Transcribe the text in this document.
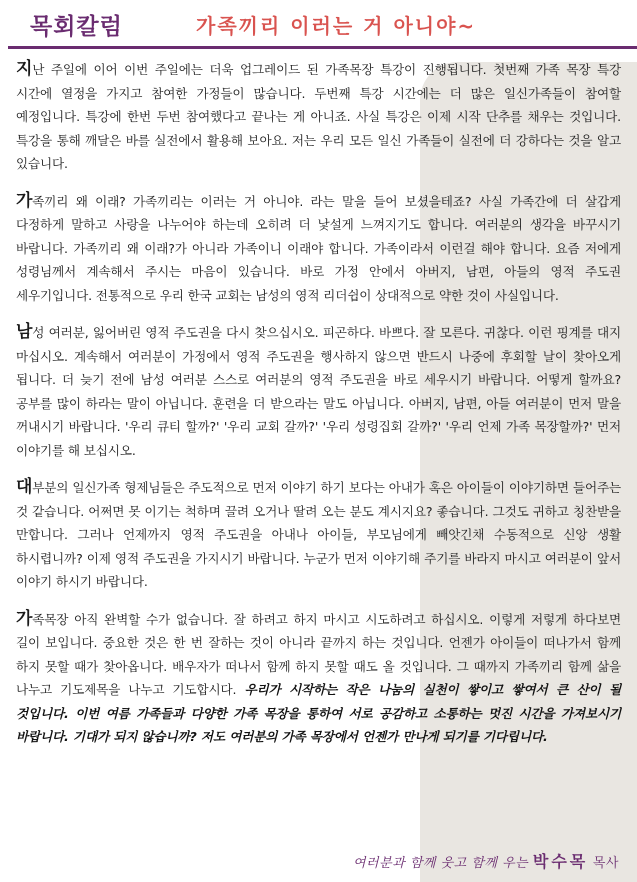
목회칼럼	가족끼리 이러는 거 아니야~

지난 주일에 이어 이번 주일에는 더욱 업그레이드 된 가족목장 특강이 진행됩니다. 첫번째 가족 목장 특강 시간에 열정을 가지고 참여한 가정들이 많습니다. 두번째 특강 시간에는 더 많은 일신가족들이 참여할 예정입니다. 특강에 한번 두번 참여했다고 끝나는 게 아니죠. 사실 특강은 이제 시작 단추를 채우는 것입니다. 특강을 통해 깨달은 바를 실전에서 활용해 보아요. 저는 우리 모든 일신 가족들이 실전에 더 강하다는 것을 알고 있습니다.

가족끼리 왜 이래? 가족끼리는 이러는 거 아니야. 라는 말을 들어 보셨을테죠? 사실 가족간에 더 살갑게 다정하게 말하고 사랑을 나누어야 하는데 오히려 더 낯설게 느껴지기도 합니다. 여러분의 생각을 바꾸시기 바랍니다. 가족끼리 왜 이래?가 아니라 가족이니 이래야 합니다. 가족이라서 이런걸 해야 합니다. 요즘 저에게 성령님께서 계속해서 주시는 마음이 있습니다. 바로 가정 안에서 아버지, 남편, 아들의 영적 주도권 세우기입니다. 전통적으로 우리 한국 교회는 남성의 영적 리더쉽이 상대적으로 약한 것이 사실입니다.

남성 여러분, 잃어버린 영적 주도권을 다시 찾으십시오. 피곤하다. 바쁘다. 잘 모른다. 귀찮다. 이런 핑계를 대지 마십시오. 계속해서 여러분이 가정에서 영적 주도권을 행사하지 않으면 반드시 나중에 후회할 날이 찾아오게 됩니다. 더 늦기 전에 남성 여러분 스스로 여러분의 영적 주도권을 바로 세우시기 바랍니다. 어떻게 할까요? 공부를 많이 하라는 말이 아닙니다. 훈련을 더 받으라는 말도 아닙니다. 아버지, 남편, 아들 여러분이 먼저 말을 꺼내시기 바랍니다. '우리 큐티 할까?' '우리 교회 갈까?' '우리 성령집회 갈까?' '우리 언제 가족 목장할까?' 먼저 이야기를 해 보십시오.

대부분의 일신가족 형제님들은 주도적으로 먼저 이야기 하기 보다는 아내가 혹은 아이들이 이야기하면 들어주는 것 같습니다. 어쩌면 못 이기는 척하며 끌려 오거나 딸려 오는 분도 계시지요? 좋습니다. 그것도 귀하고 칭찬받을 만합니다. 그러나 언제까지 영적 주도권을 아내나 아이들, 부모님에게 빼앗긴채 수동적으로 신앙 생활 하시렵니까? 이제 영적 주도권을 가지시기 바랍니다. 누군가 먼저 이야기해 주기를 바라지 마시고 여러분이 앞서 이야기 하시기 바랍니다.

가족목장 아직 완벽할 수가 없습니다. 잘 하려고 하지 마시고 시도하려고 하십시오. 이렇게 저렇게 하다보면 길이 보입니다. 중요한 것은 한 번 잘하는 것이 아니라 끝까지 하는 것입니다. 언젠가 아이들이 떠나가서 함께 하지 못할 때가 찾아옵니다. 배우자가 떠나서 함께 하지 못할 때도 올 것입니다. 그 때까지 가족끼리 함께 삶을 나누고 기도제목을 나누고 기도합시다. 우리가 시작하는 작은 나눔의 실천이 쌓이고 쌓여서 큰 산이 될 것입니다. 이번 여름 가족들과 다양한 가족 목장을 통하여 서로 공감하고 소통하는 멋진 시간을 가져보시기 바랍니다. 기대가 되지 않습니까? 저도 여러분의 가족 목장에서 언젠가 만나게 되기를 기다립니다.

여러분과 함께 웃고 함께 우는 박수목 목사
